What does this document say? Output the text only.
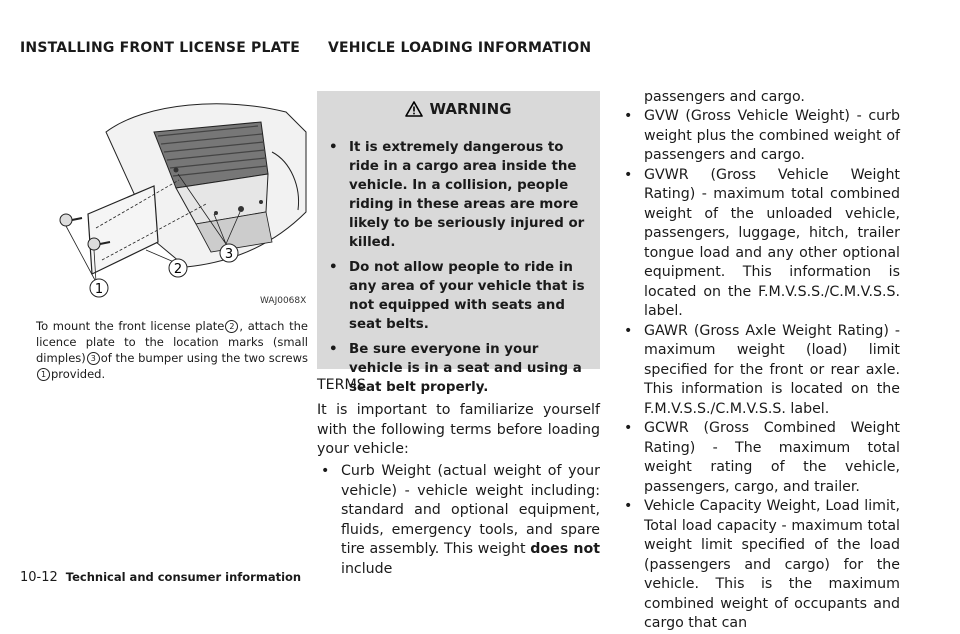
INSTALLING FRONT LICENSE PLATE VEHICLE LOADING INFORMATION
1
2
3
WAJ0068X
To mount the front license plate 2 , attach the licence plate to the location marks (small dimples) 3 of the bumper using the two screws1 provided.
WARNING
• It is extremely dangerous to ride in a cargo area inside the vehicle. In a collision, people riding in these areas are more likely to be seriously injured or killed.
• Do not allow people to ride in any area of your vehicle that is not equipped with seats and seat belts.
• Be sure everyone in your vehicle is in a seat and using a seat belt properly.
TERMS
It is important to familiarize yourself with the following terms before loading your vehicle:
• Curb Weight (actual weight of your vehicle) - vehicle weight including: standard and optional equipment, fluids, emergency tools, and spare tire assembly. This weight does not include
passengers and cargo.
• GVW (Gross Vehicle Weight) - curb weight plus the combined weight of passengers and cargo.
• GVWR (Gross Vehicle Weight Rating) - maximum total combined weight of the unloaded vehicle, passengers, luggage, hitch, trailer tongue load and any other optional equipment. This information is located on the F.M.V.S.S./C.M.V.S.S. label.
• GAWR (Gross Axle Weight Rating) - maximum weight (load) limit specified for the front or rear axle. This information is located on the F.M.V.S.S./C.M.V.S.S. label.
• GCWR (Gross Combined Weight Rating) - The maximum total weight rating of the vehicle, passengers, cargo, and trailer.
• Vehicle Capacity Weight, Load limit, Total load capacity - maximum total weight limit specified of the load (passengers and cargo) for the vehicle. This is the maximum combined weight of occupants and cargo that can
10-12 Technical and consumer information
